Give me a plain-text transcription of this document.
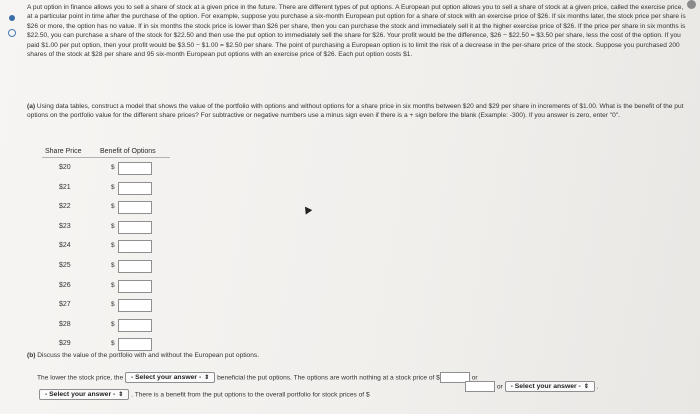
A put option in finance allows you to sell a share of stock at a given price in the future. There are different types of put options. A European put option allows you to sell a share of stock at a given price, called the exercise price, at a particular point in time after the purchase of the option. For example, suppose you purchase a six-month European put option for a share of stock with an exercise price of $26. If six months later, the stock price per share is $26 or more, the option has no value. If in six months the stock price is lower than $26 per share, then you can purchase the stock and immediately sell it at the higher exercise price of $26. If the price per share in six months is $22.50, you can purchase a share of the stock for $22.50 and then use the put option to immediately sell the share for $26. Your profit would be the difference, $26 − $22.50 = $3.50 per share, less the cost of the option. If you paid $1.00 per put option, then your profit would be $3.50 − $1.00 = $2.50 per share. The point of purchasing a European option is to limit the risk of a decrease in the per-share price of the stock. Suppose you purchased 200 shares of the stock at $28 per share and 95 six-month European put options with an exercise price of $26. Each put option costs $1.
(a) Using data tables, construct a model that shows the value of the portfolio with options and without options for a share price in six months between $20 and $29 per share in increments of $1.00. What is the benefit of the put options on the portfolio value for the different share prices? For subtractive or negative numbers use a minus sign even if there is a + sign before the blank (Example: -300). If you answer is zero, enter "0".
Share Price	Benefit of Options
$20	$
$21	$
$22	$
$23	$
$24	$
$25	$
$26	$
$27	$
$28	$
$29	$
(b) Discuss the value of the portfolio with and without the European put options.
The lower the stock price, the - Select your answer - ⇕ beneficial the put options. The options are worth nothing at a stock price of $	or
or - Select your answer - ⇕ .
- Select your answer - ⇕ . There is a benefit from the put options to the overall portfolio for stock prices of $
